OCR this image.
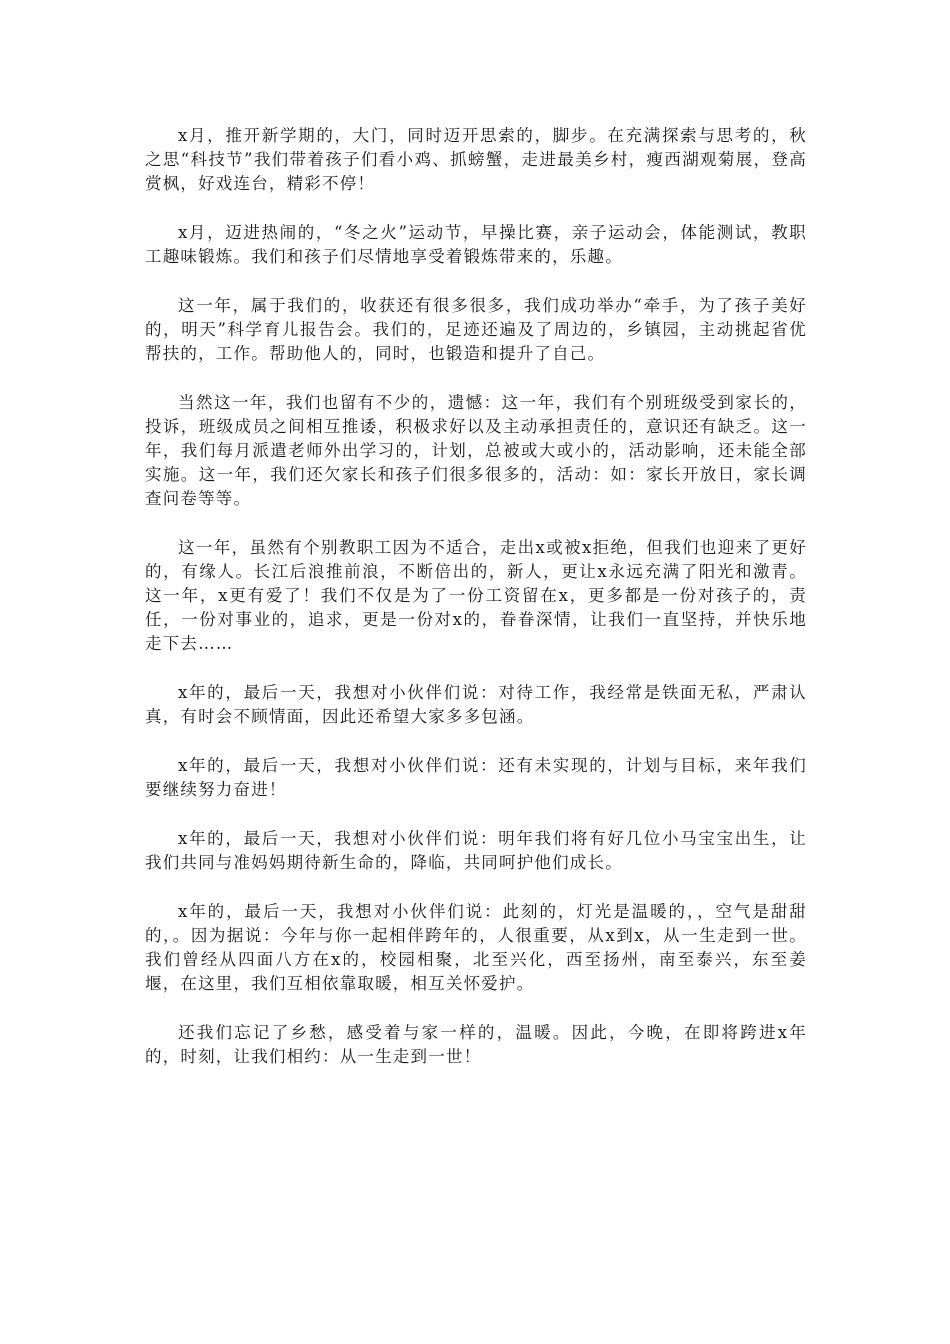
x月，推开新学期的，大门，同时迈开思索的，脚步。在充满探索与思考的，秋之思“科技节”我们带着孩子们看小鸡、抓螃蟹，走进最美乡村，瘦西湖观菊展，登高赏枫，好戏连台，精彩不停！

x月，迈进热闹的，“冬之火”运动节，早操比赛，亲子运动会，体能测试，教职工趣味锻炼。我们和孩子们尽情地享受着锻炼带来的，乐趣。

这一年，属于我们的，收获还有很多很多，我们成功举办“牵手，为了孩子美好的，明天”科学育儿报告会。我们的，足迹还遍及了周边的，乡镇园，主动挑起省优帮扶的，工作。帮助他人的，同时，也锻造和提升了自己。

当然这一年，我们也留有不少的，遗憾：这一年，我们有个别班级受到家长的，投诉，班级成员之间相互推诿，积极求好以及主动承担责任的，意识还有缺乏。这一年，我们每月派遣老师外出学习的，计划，总被或大或小的，活动影响，还未能全部实施。这一年，我们还欠家长和孩子们很多很多的，活动：如：家长开放日，家长调查问卷等等。

这一年，虽然有个别教职工因为不适合，走出x或被x拒绝，但我们也迎来了更好的，有缘人。长江后浪推前浪，不断倍出的，新人，更让x永远充满了阳光和激青。这一年，x更有爱了！我们不仅是为了一份工资留在x，更多都是一份对孩子的，责任，一份对事业的，追求，更是一份对x的，眷眷深情，让我们一直坚持，并快乐地走下去……

x年的，最后一天，我想对小伙伴们说：对待工作，我经常是铁面无私，严肃认真，有时会不顾情面，因此还希望大家多多包涵。

x年的，最后一天，我想对小伙伴们说：还有未实现的，计划与目标，来年我们要继续努力奋进！

x年的，最后一天，我想对小伙伴们说：明年我们将有好几位小马宝宝出生，让我们共同与准妈妈期待新生命的，降临，共同呵护他们成长。

x年的，最后一天，我想对小伙伴们说：此刻的，灯光是温暖的，，空气是甜甜的，。因为据说：今年与你一起相伴跨年的，人很重要，从x到x，从一生走到一世。我们曾经从四面八方在x的，校园相聚，北至兴化，西至扬州，南至泰兴，东至姜堰，在这里，我们互相依靠取暖，相互关怀爱护。

还我们忘记了乡愁，感受着与家一样的，温暖。因此，今晚，在即将跨进x年的，时刻，让我们相约：从一生走到一世！
